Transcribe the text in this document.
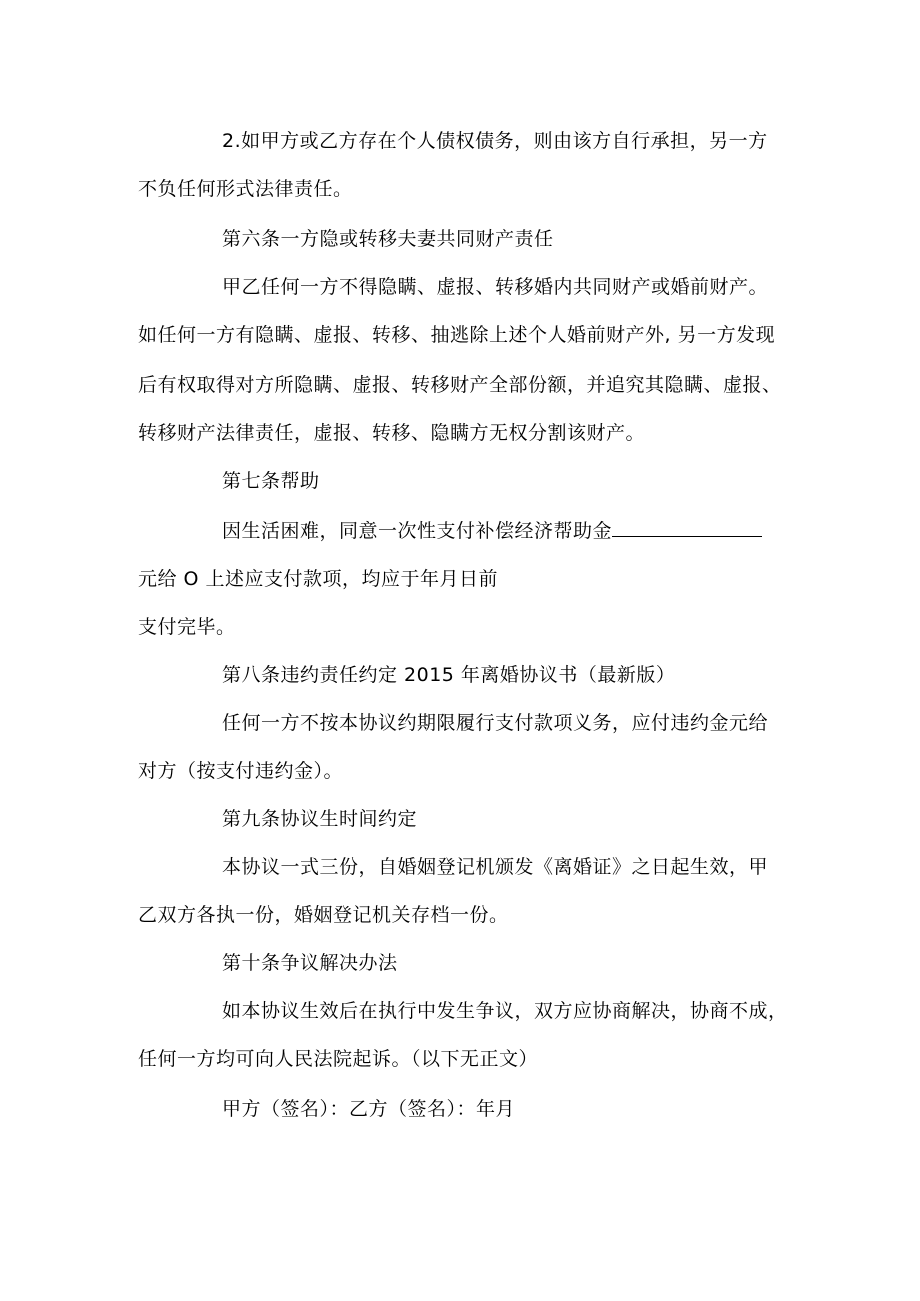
2.如甲方或乙方存在个人债权债务，则由该方自行承担，另一方
不负任何形式法律责任。
第六条一方隐或转移夫妻共同财产责任
甲乙任何一方不得隐瞒、虚报、转移婚内共同财产或婚前财产。
如任何一方有隐瞒、虚报、转移、抽逃除上述个人婚前财产外, 另一方发现
后有权取得对方所隐瞒、虚报、转移财产全部份额，并追究其隐瞒、虚报、
转移财产法律责任，虚报、转移、隐瞒方无权分割该财产。
第七条帮助
因生活困难，同意一次性支付补偿经济帮助金
元给 O 上述应支付款项，均应于年月日前
支付完毕。
第八条违约责任约定 2015 年离婚协议书（最新版）
任何一方不按本协议约期限履行支付款项义务，应付违约金元给
对方（按支付违约金）。
第九条协议生时间约定
本协议一式三份，自婚姻登记机颁发《离婚证》之日起生效，甲
乙双方各执一份，婚姻登记机关存档一份。
第十条争议解决办法
如本协议生效后在执行中发生争议，双方应协商解决，协商不成，
任何一方均可向人民法院起诉。（以下无正文）
甲方（签名）：乙方（签名）：年月
